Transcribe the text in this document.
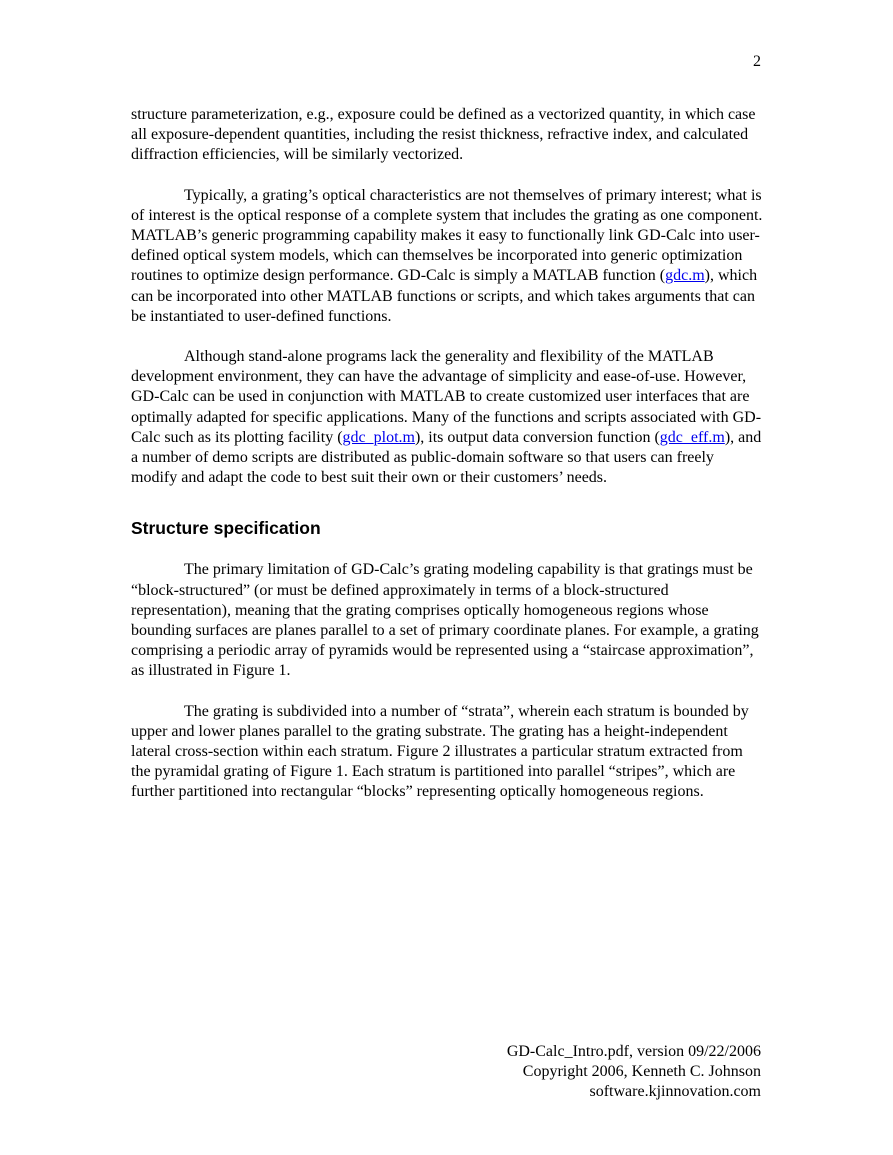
2

structure parameterization, e.g., exposure could be defined as a vectorized quantity, in which case all exposure-dependent quantities, including the resist thickness, refractive index, and calculated diffraction efficiencies, will be similarly vectorized.

Typically, a grating’s optical characteristics are not themselves of primary interest; what is of interest is the optical response of a complete system that includes the grating as one component. MATLAB’s generic programming capability makes it easy to functionally link GD-Calc into user-defined optical system models, which can themselves be incorporated into generic optimization routines to optimize design performance. GD-Calc is simply a MATLAB function (gdc.m), which can be incorporated into other MATLAB functions or scripts, and which takes arguments that can be instantiated to user-defined functions.

Although stand-alone programs lack the generality and flexibility of the MATLAB development environment, they can have the advantage of simplicity and ease-of-use. However, GD-Calc can be used in conjunction with MATLAB to create customized user interfaces that are optimally adapted for specific applications. Many of the functions and scripts associated with GD-Calc such as its plotting facility (gdc_plot.m), its output data conversion function (gdc_eff.m), and a number of demo scripts are distributed as public-domain software so that users can freely modify and adapt the code to best suit their own or their customers’ needs.

Structure specification

The primary limitation of GD-Calc’s grating modeling capability is that gratings must be “block-structured” (or must be defined approximately in terms of a block-structured representation), meaning that the grating comprises optically homogeneous regions whose bounding surfaces are planes parallel to a set of primary coordinate planes. For example, a grating comprising a periodic array of pyramids would be represented using a “staircase approximation”, as illustrated in Figure 1.

The grating is subdivided into a number of “strata”, wherein each stratum is bounded by upper and lower planes parallel to the grating substrate. The grating has a height-independent lateral cross-section within each stratum. Figure 2 illustrates a particular stratum extracted from the pyramidal grating of Figure 1. Each stratum is partitioned into parallel “stripes”, which are further partitioned into rectangular “blocks” representing optically homogeneous regions.

GD-Calc_Intro.pdf, version 09/22/2006
Copyright 2006, Kenneth C. Johnson
software.kjinnovation.com
